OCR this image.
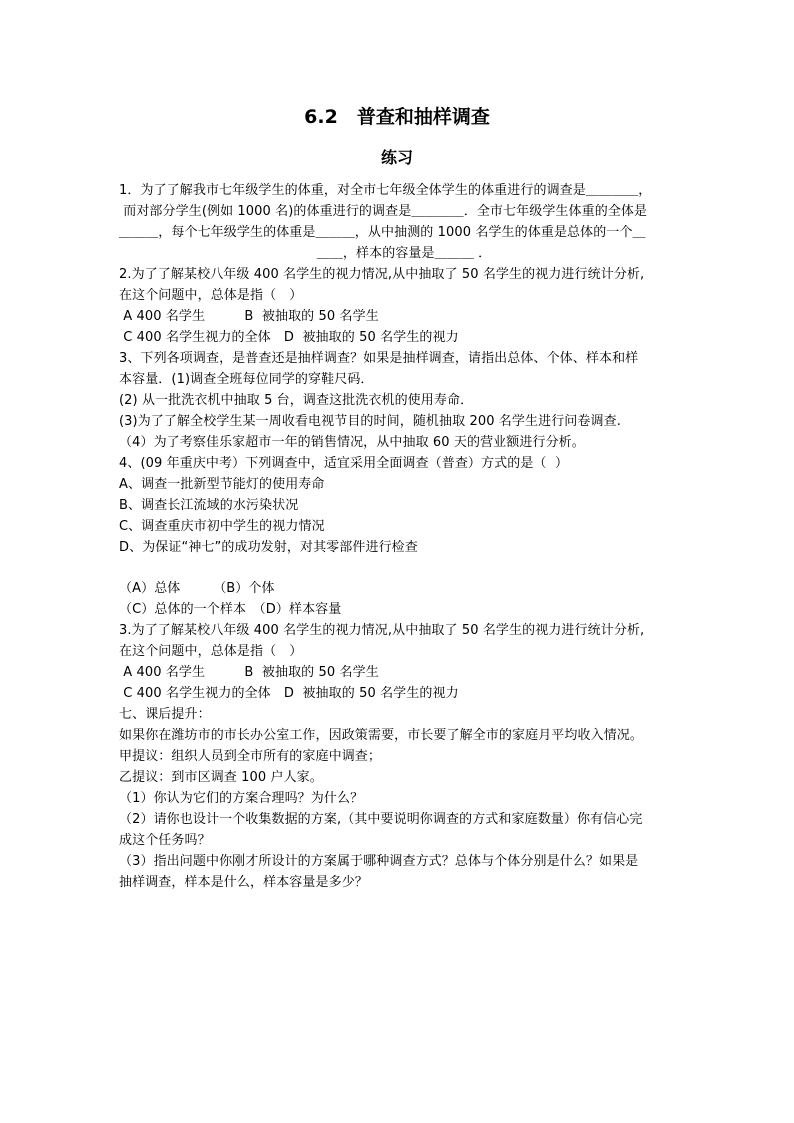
6.2　普查和抽样调查
练习
1．为了了解我市七年级学生的体重，对全市七年级全体学生的体重进行的调查是＿＿＿＿，
而对部分学生(例如 1000 名)的体重进行的调查是＿＿＿＿．全市七年级学生体重的全体是
＿＿＿，每个七年级学生的体重是＿＿＿，从中抽测的 1000 名学生的体重是总体的一个＿
＿＿，样本的容量是＿＿＿ ．
2.为了了解某校八年级 400 名学生的视力情况,从中抽取了 50 名学生的视力进行统计分析,
在这个问题中，总体是指（　）
A 400 名学生　　　B  被抽取的 50 名学生
C 400 名学生视力的全体　D  被抽取的 50 名学生的视力
3、下列各项调查，是普查还是抽样调查？如果是抽样调查，请指出总体、个体、样本和样
本容量．(1)调查全班每位同学的穿鞋尺码．
(2) 从一批洗衣机中抽取 5 台，调查这批洗衣机的使用寿命．
(3)为了了解全校学生某一周收看电视节目的时间，随机抽取 200 名学生进行问卷调查.
（4）为了考察佳乐家超市一年的销售情况，从中抽取 60 天的营业额进行分析。
4、(09 年重庆中考）下列调查中，适宜采用全面调查（普查）方式的是（  ）
A、调查一批新型节能灯的使用寿命
B、调查长江流域的水污染状况
C、调查重庆市初中学生的视力情况
D、为保证“神七”的成功发射，对其零部件进行检查
（A）总体　　　（B）个体
（C）总体的一个样本　（D）样本容量
3.为了了解某校八年级 400 名学生的视力情况,从中抽取了 50 名学生的视力进行统计分析,
在这个问题中，总体是指（　）
A 400 名学生　　　B  被抽取的 50 名学生
C 400 名学生视力的全体　D  被抽取的 50 名学生的视力
七、课后提升：
如果你在潍坊市的市长办公室工作，因政策需要，市长要了解全市的家庭月平均收入情况。
甲提议：组织人员到全市所有的家庭中调查；
乙提议：到市区调查 100 户人家。
（1）你认为它们的方案合理吗？为什么？
（2）请你也设计一个收集数据的方案,（其中要说明你调查的方式和家庭数量）你有信心完
成这个任务吗？
（3）指出问题中你刚才所设计的方案属于哪种调查方式？总体与个体分别是什么？如果是
抽样调查，样本是什么，样本容量是多少？
